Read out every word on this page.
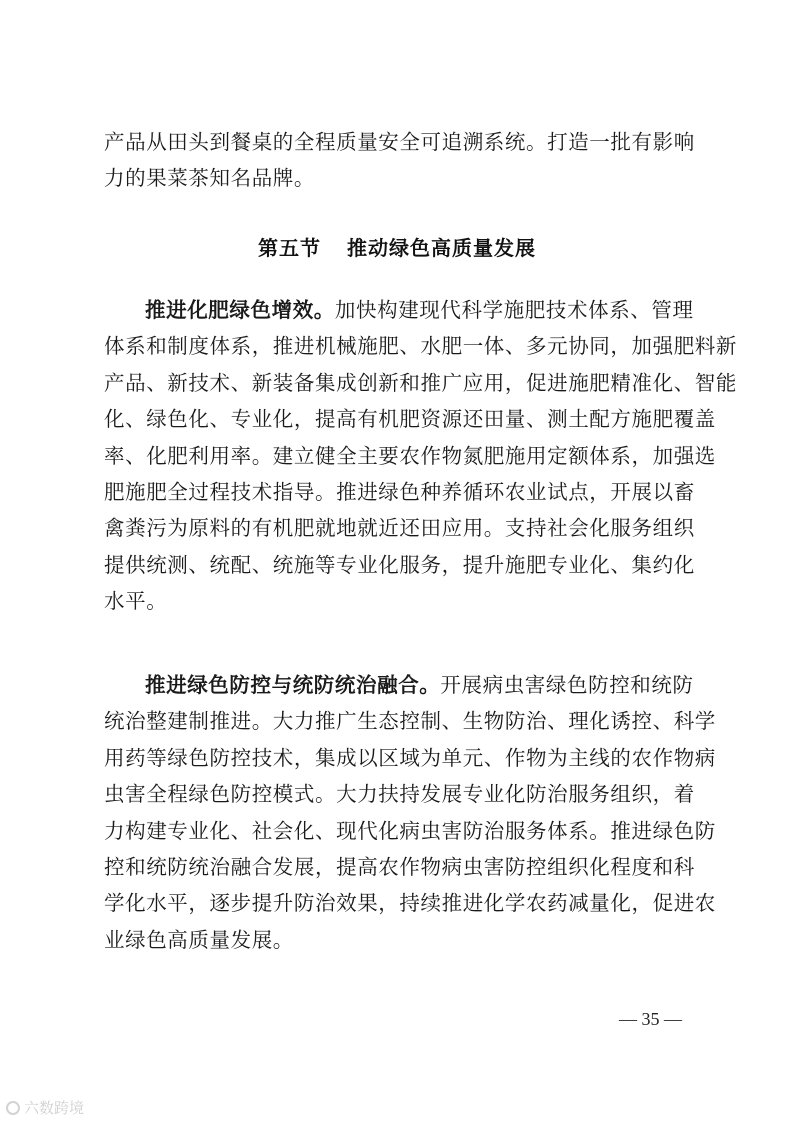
产品从田头到餐桌的全程质量安全可追溯系统。打造一批有影响
力的果菜茶知名品牌。
第五节 推动绿色高质量发展
推进化肥绿色增效。加快构建现代科学施肥技术体系、管理
体系和制度体系，推进机械施肥、水肥一体、多元协同，加强肥料新
产品、新技术、新装备集成创新和推广应用，促进施肥精准化、智能
化、绿色化、专业化，提高有机肥资源还田量、测土配方施肥覆盖
率、化肥利用率。建立健全主要农作物氮肥施用定额体系，加强选
肥施肥全过程技术指导。推进绿色种养循环农业试点，开展以畜
禽粪污为原料的有机肥就地就近还田应用。支持社会化服务组织
提供统测、统配、统施等专业化服务，提升施肥专业化、集约化
水平。
推进绿色防控与统防统治融合。开展病虫害绿色防控和统防
统治整建制推进。大力推广生态控制、生物防治、理化诱控、科学
用药等绿色防控技术，集成以区域为单元、作物为主线的农作物病
虫害全程绿色防控模式。大力扶持发展专业化防治服务组织，着
力构建专业化、社会化、现代化病虫害防治服务体系。推进绿色防
控和统防统治融合发展，提高农作物病虫害防控组织化程度和科
学化水平，逐步提升防治效果，持续推进化学农药减量化，促进农
业绿色高质量发展。
— 35 —
六数跨境
